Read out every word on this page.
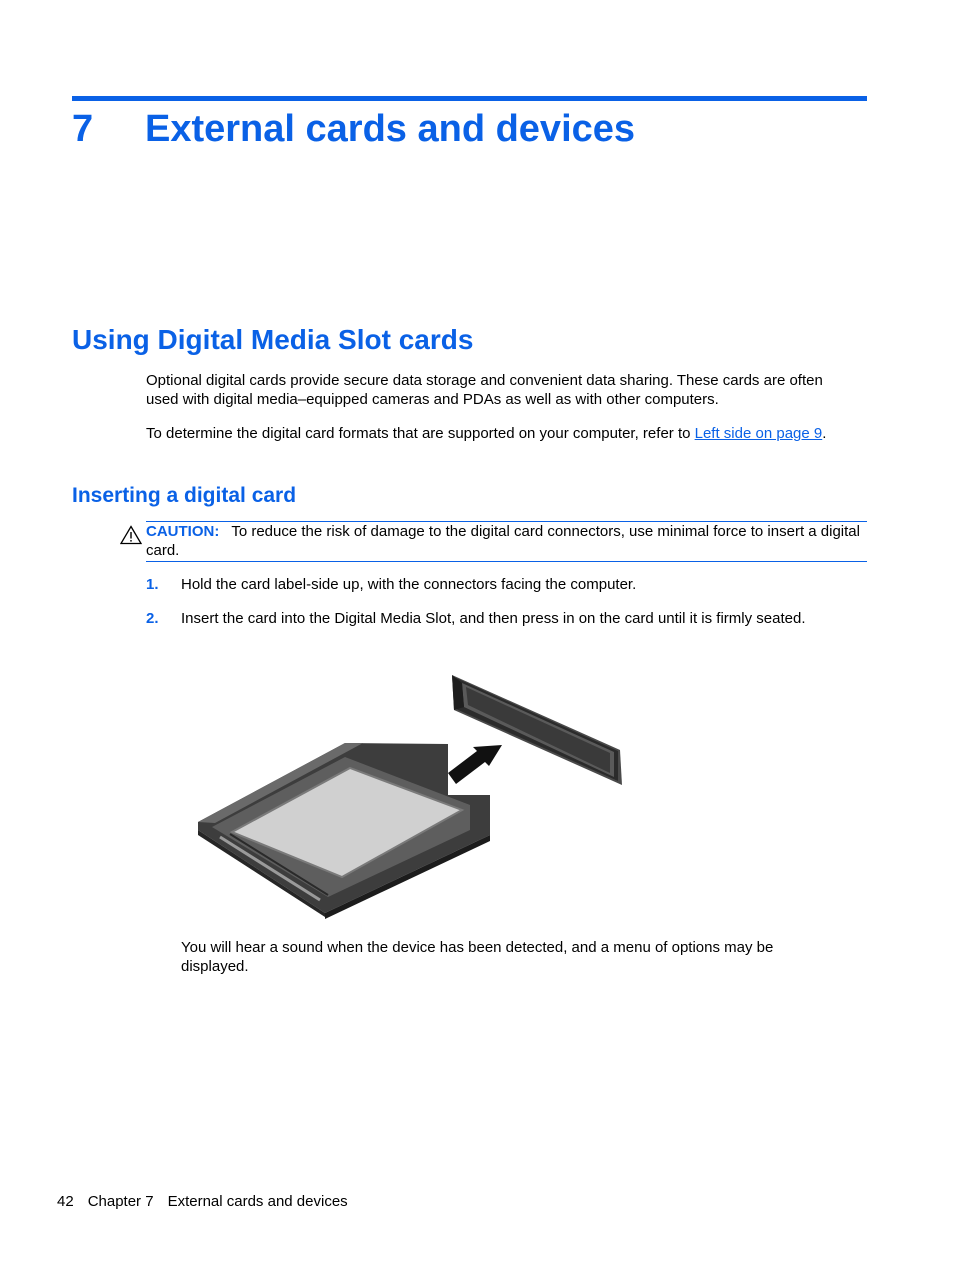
7 External cards and devices
Using Digital Media Slot cards

Optional digital cards provide secure data storage and convenient data sharing. These cards are often used with digital media–equipped cameras and PDAs as well as with other computers.

To determine the digital card formats that are supported on your computer, refer to Left side on page 9.

Inserting a digital card

CAUTION: To reduce the risk of damage to the digital card connectors, use minimal force to insert a digital card.

1. Hold the card label-side up, with the connectors facing the computer.
2. Insert the card into the Digital Media Slot, and then press in on the card until it is firmly seated.

You will hear a sound when the device has been detected, and a menu of options may be displayed.

42 Chapter 7 External cards and devices
